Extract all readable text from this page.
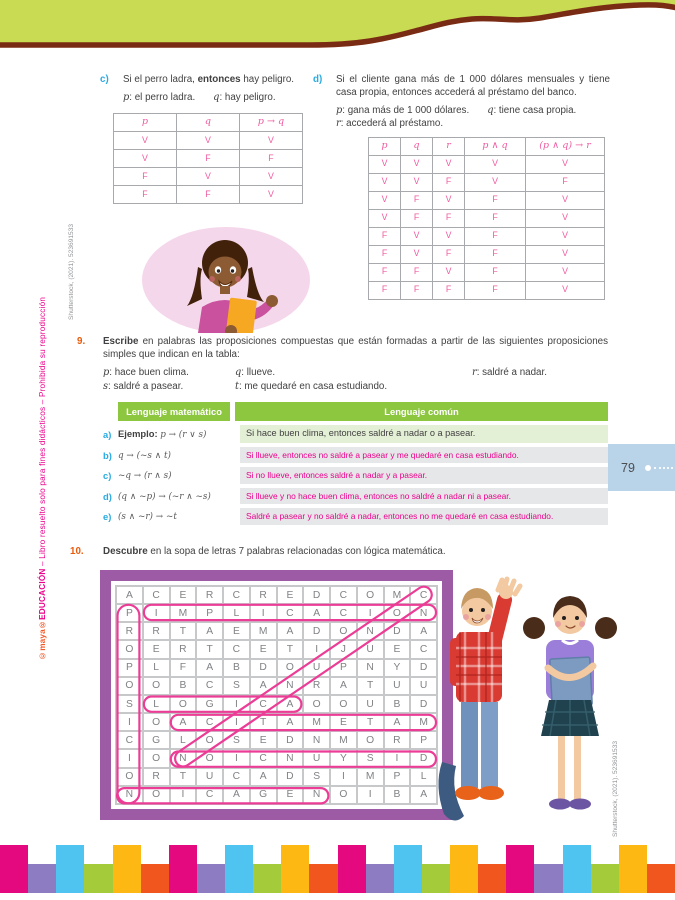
©maya®EDUCACIÓN – Libro resuelto solo para fines didácticos – Prohibida su reproducción
Shutterstock, (2021). 523691533
Shutterstock, (2021). 523691533
c)	Si el perro ladra, entonces hay peligro.
p: el perro ladra. q: hay peligro.
p	q	p → q
V	V	V
V	F	F
F	V	V
F	F	V
d)	Si el cliente gana más de 1 000 dólares mensuales y tiene casa propia, entonces accederá al préstamo del banco.
p: gana más de 1 000 dólares. q: tiene casa propia.r: accederá al préstamo.
p	q	r	p ∧ q	(p ∧ q) → r
V	V	V	V	V
V	V	F	V	F
V	F	V	F	V
V	F	F	F	V
F	V	V	F	V
F	V	F	F	V
F	F	V	F	V
F	F	F	F	V
9.	Escribe en palabras las proposiciones compuestas que están formadas a partir de las siguientes proposiciones simples que indican en la tabla:
p: hace buen clima.	q: llueve.	r: saldré a nadar.
s: saldré a pasear.	t: me quedaré en casa estudiando.
Lenguaje matemático	Lenguaje común
a) Ejemplo: p → (r ∨ s)	Si hace buen clima, entonces saldré a nadar o a pasear.
b) q → (~s ∧ t)	Si llueve, entonces no saldré a pasear y me quedaré en casa estudiando.
c) ~q → (r ∧ s)	Si no llueve, entonces saldré a nadar y a pasear.
d) (q ∧ ~p) → (~r ∧ ~s)	Si llueve y no hace buen clima, entonces no saldré a nadar ni a pasear.
e) (s ∧ ~r) → ~t	Saldré a pasear y no saldré a nadar, entonces no me quedaré en casa estudiando.
79
10.	Descubre en la sopa de letras 7 palabras relacionadas con lógica matemática.
A	C	E	R	C	R	E	D	C	O	M	C
P	I	M	P	L	I	C	A	C	I	O	N
R	R	T	A	E	M	A	D	O	N	D	A
O	E	R	T	C	E	T	I	J	U	E	C
P	L	F	A	B	D	O	U	P	N	Y	D
O	O	B	C	S	A	N	R	A	T	U	U
S	L	O	G	I	C	A	O	O	U	B	D
I	O	A	C	I	T	A	M	E	T	A	M
C	G	L	O	S	E	D	N	M	O	R	P
I	O	N	O	I	C	N	U	Y	S	I	D
O	R	T	U	C	A	D	S	I	M	P	L
N	O	I	C	A	G	E	N	O	I	B	A
